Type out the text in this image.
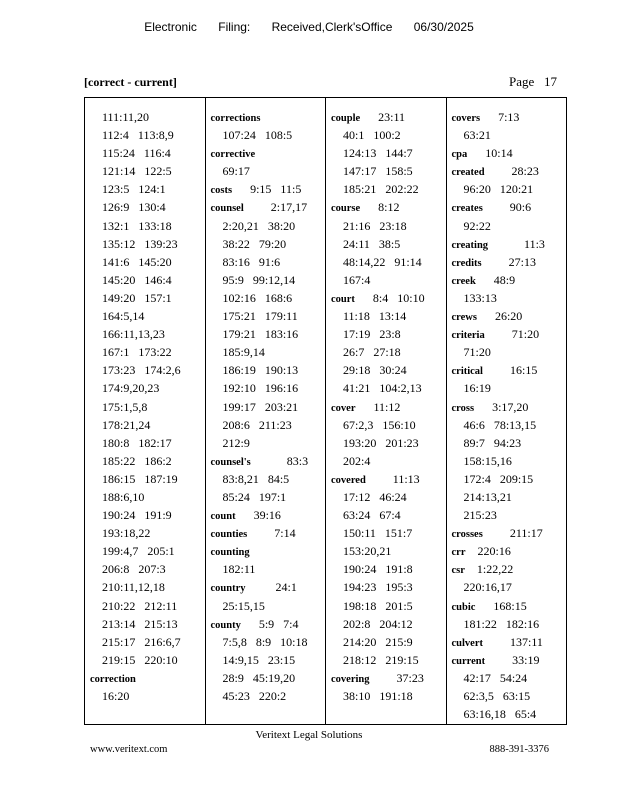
Electronic Filing: Received,Clerk'sOffice 06/30/2025
[correct - current]	Page 17
111:11,20
112:4   113:8,9
115:24   116:4
121:14   122:5
123:5   124:1
126:9   130:4
132:1   133:18
135:12   139:23
141:6   145:20
145:20   146:4
149:20   157:1
164:5,14
166:11,13,23
167:1   173:22
173:23   174:2,6
174:9,20,23
175:1,5,8
178:21,24
180:8   182:17
185:22   186:2
186:15   187:19
188:6,10
190:24   191:9
193:18,22
199:4,7   205:1
206:8   207:3
210:11,12,18
210:22   212:11
213:14   215:13
215:17   216:6,7
219:15   220:10
correction
16:20
corrections
107:24   108:5
corrective
69:17
costs      9:15   11:5
counsel         2:17,17
2:20,21   38:20
38:22   79:20
83:16   91:6
95:9   99:12,14
102:16   168:6
175:21   179:11
179:21   183:16
185:9,14
186:19   190:13
192:10   196:16
199:17   203:21
208:6   211:23
212:9
counsel's            83:3
83:8,21   84:5
85:24   197:1
count      39:16
counties         7:14
counting
182:11
country          24:1
25:15,15
county      5:9   7:4
7:5,8   8:9   10:18
14:9,15   23:15
28:9   45:19,20
45:23   220:2
couple      23:11
40:1   100:2
124:13   144:7
147:17   158:5
185:21   202:22
course      8:12
21:16   23:18
24:11   38:5
48:14,22   91:14
167:4
court      8:4   10:10
11:18   13:14
17:19   23:8
26:7   27:18
29:18   30:24
41:21   104:2,13
cover      11:12
67:2,3   156:10
193:20   201:23
202:4
covered         11:13
17:12   46:24
63:24   67:4
150:11   151:7
153:20,21
190:24   191:8
194:23   195:3
198:18   201:5
202:8   204:12
214:20   215:9
218:12   219:15
covering         37:23
38:10   191:18
covers      7:13
63:21
cpa      10:14
created         28:23
96:20   120:21
creates         90:6
92:22
creating            11:3
credits         27:13
creek      48:9
133:13
crews      26:20
criteria         71:20
71:20
critical         16:15
16:19
cross      3:17,20
46:6   78:13,15
89:7   94:23
158:15,16
172:4   209:15
214:13,21
215:23
crosses         211:17
crr    220:16
csr    1:22,22
220:16,17
cubic      168:15
181:22   182:16
culvert         137:11
current         33:19
42:17   54:24
62:3,5   63:15
63:16,18   65:4
Veritext Legal Solutions
www.veritext.com	888-391-3376
